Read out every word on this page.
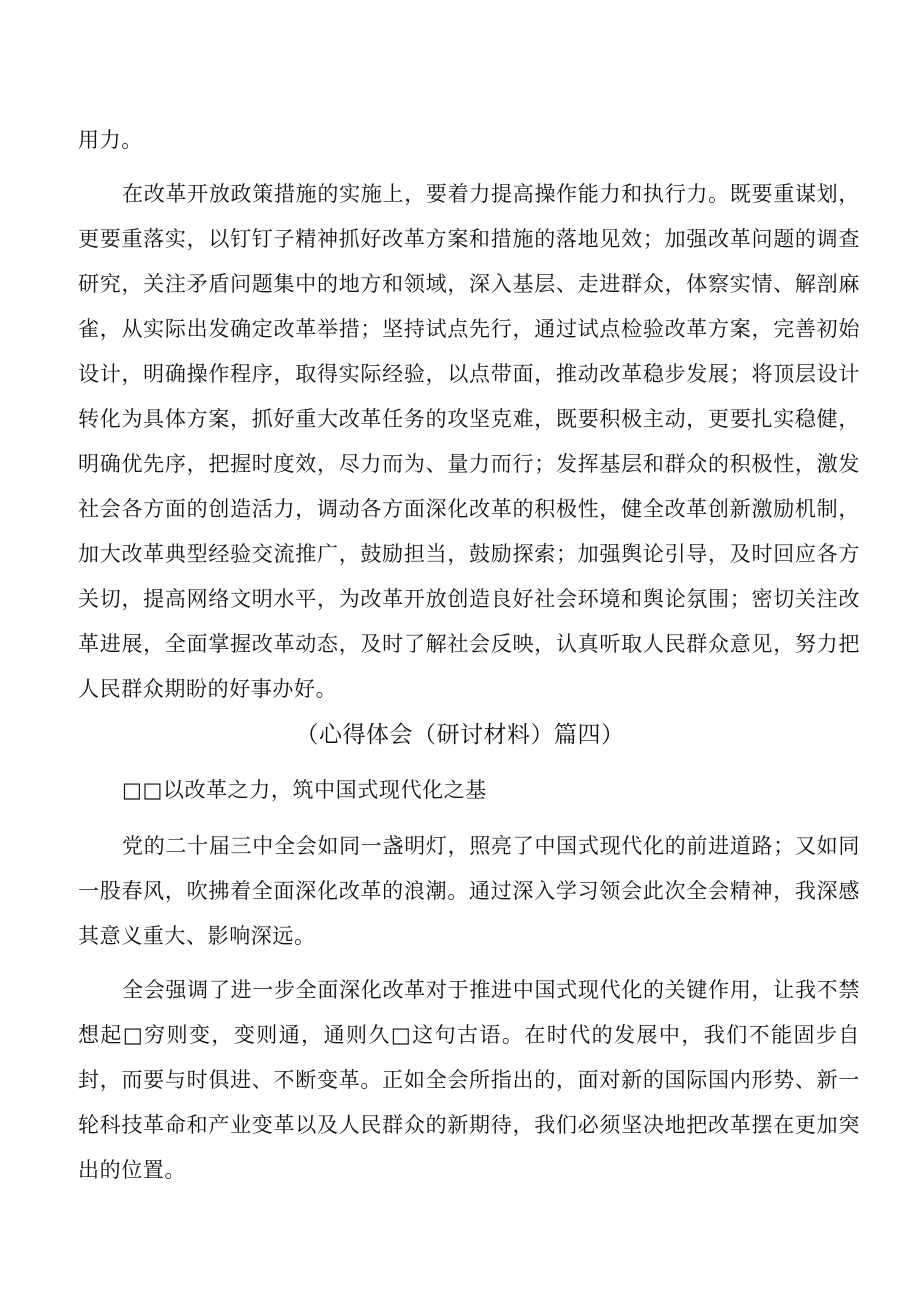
用力。

在改革开放政策措施的实施上，要着力提高操作能力和执行力。既要重谋划，更要重落实，以钉钉子精神抓好改革方案和措施的落地见效；加强改革问题的调查研究，关注矛盾问题集中的地方和领域，深入基层、走进群众，体察实情、解剖麻雀，从实际出发确定改革举措；坚持试点先行，通过试点检验改革方案，完善初始设计，明确操作程序，取得实际经验，以点带面，推动改革稳步发展；将顶层设计转化为具体方案，抓好重大改革任务的攻坚克难，既要积极主动，更要扎实稳健，明确优先序，把握时度效，尽力而为、量力而行；发挥基层和群众的积极性，激发社会各方面的创造活力，调动各方面深化改革的积极性，健全改革创新激励机制，加大改革典型经验交流推广，鼓励担当，鼓励探索；加强舆论引导，及时回应各方关切，提高网络文明水平，为改革开放创造良好社会环境和舆论氛围；密切关注改革进展，全面掌握改革动态，及时了解社会反映，认真听取人民群众意见，努力把人民群众期盼的好事办好。

（心得体会（研讨材料）篇四）
□□以改革之力，筑中国式现代化之基

党的二十届三中全会如同一盏明灯，照亮了中国式现代化的前进道路；又如同一股春风，吹拂着全面深化改革的浪潮。通过深入学习领会此次全会精神，我深感其意义重大、影响深远。

全会强调了进一步全面深化改革对于推进中国式现代化的关键作用，让我不禁想起□穷则变，变则通，通则久□这句古语。在时代的发展中，我们不能固步自封，而要与时俱进、不断变革。正如全会所指出的，面对新的国际国内形势、新一轮科技革命和产业变革以及人民群众的新期待，我们必须坚决地把改革摆在更加突出的位置。
